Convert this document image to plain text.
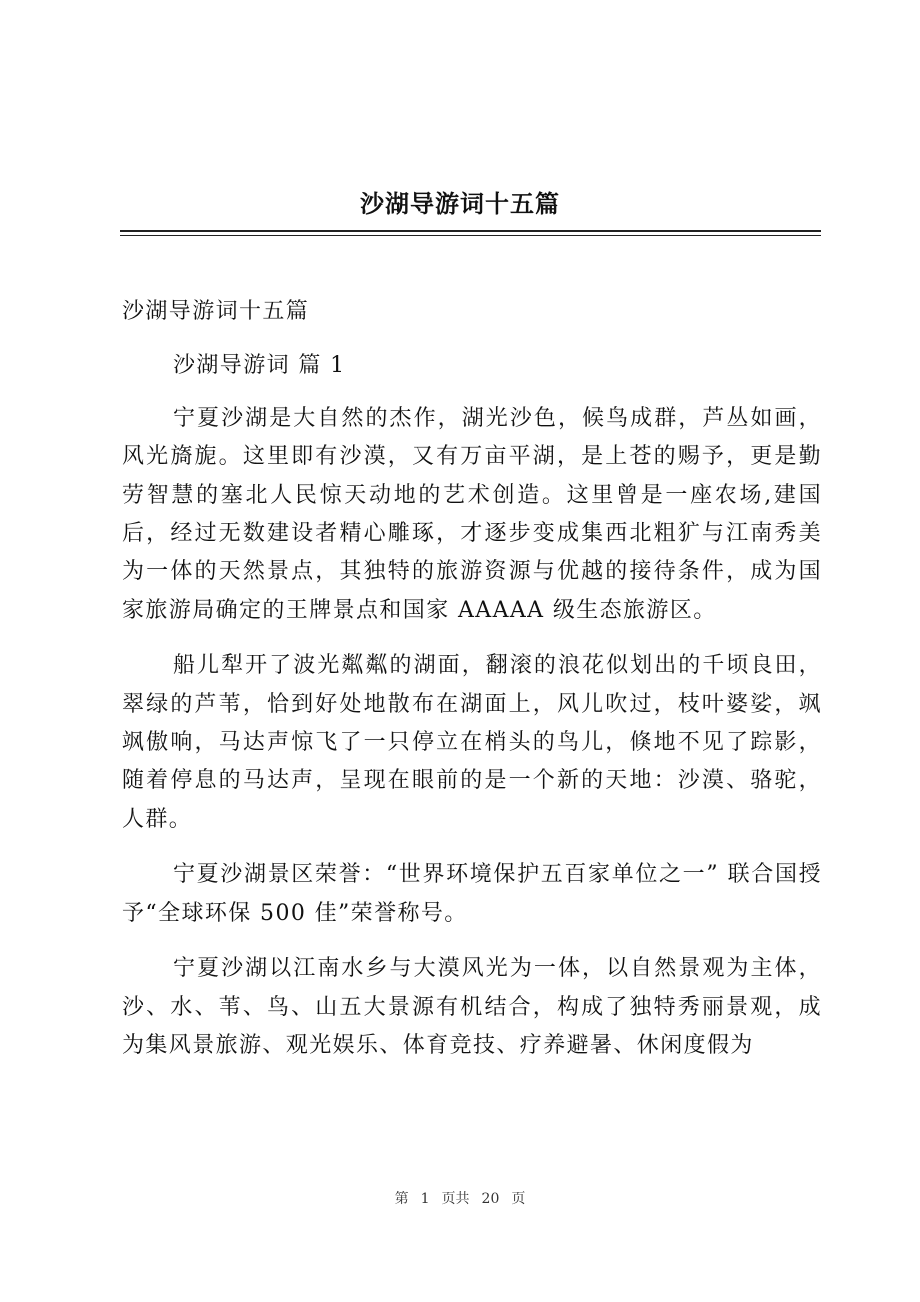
沙湖导游词十五篇

沙湖导游词十五篇

沙湖导游词 篇 1

宁夏沙湖是大自然的杰作，湖光沙色，候鸟成群，芦丛如画，风光旖旎。这里即有沙漠，又有万亩平湖，是上苍的赐予，更是勤劳智慧的塞北人民惊天动地的艺术创造。这里曾是一座农场,建国后，经过无数建设者精心雕琢，才逐步变成集西北粗犷与江南秀美为一体的天然景点，其独特的旅游资源与优越的接待条件，成为国家旅游局确定的王牌景点和国家 AAAAA 级生态旅游区。

船儿犁开了波光粼粼的湖面，翻滚的浪花似划出的千顷良田，翠绿的芦苇，恰到好处地散布在湖面上，风儿吹过，枝叶婆娑，飒飒傲响，马达声惊飞了一只停立在梢头的鸟儿，倏地不见了踪影，随着停息的马达声，呈现在眼前的是一个新的天地：沙漠、骆驼，人群。

宁夏沙湖景区荣誉：“世界环境保护五百家单位之一” 联合国授予“全球环保 500 佳”荣誉称号。

宁夏沙湖以江南水乡与大漠风光为一体，以自然景观为主体，沙、水、苇、鸟、山五大景源有机结合，构成了独特秀丽景观，成为集风景旅游、观光娱乐、体育竞技、疗养避暑、休闲度假为

第 1 页共 20 页
